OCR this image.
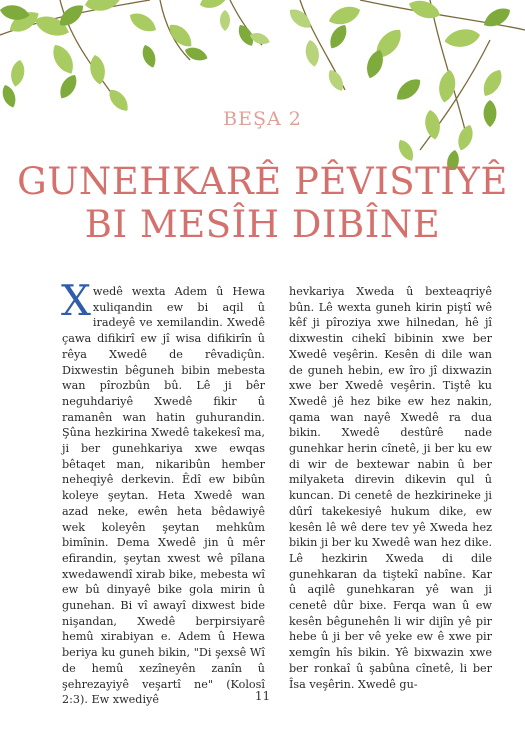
BEŞA 2
GUNEHKARÊ PÊVISTIYÊ
BI MESÎH DIBÎNE
Xwedê wexta Adem û Hewa xuliqandin ew bi aqil û iradeyê ve xemilandin. Xwedê çawa difikirî ew jî wisa difikirîn û rêya Xwedê de rêvadiçûn. Dixwestin bêguneh bibin mebesta wan pîrozbûn bû. Lê ji bêr neguhdariyê Xwedê fikir û ramanên wan hatin guhurandin. Şûna hezkirina Xwedê takekesî ma, ji ber gunehkariya xwe ewqas bêtaqet man, nikaribûn hember neheqiyê derkevin. Êdî ew bibûn koleye şeytan. Heta Xwedê wan azad neke, ewên heta bêdawiyê wek koleyên şeytan mehkûm bimînin. Dema Xwedê jin û mêr efirandin, şeytan xwest wê pîlana xwedawendî xirab bike, mebesta wî ew bû dinyayê bike gola mirin û gunehan. Bi vî awayî dixwest bide nişandan, Xwedê berpirsiyarê hemû xirabiyan e. Adem û Hewa beriya ku guneh bikin, "Di şexsê Wî de hemû xezîneyên zanîn û şehrezayiyê veşartî ne" (Kolosî 2:3). Ew xwediyê
hevkariya Xweda û bexteaqriyê bûn. Lê wexta guneh kirin piştî wê kêf ji pîroziya xwe hilnedan, hê jî dixwestin cihekî bibinin xwe ber Xwedê veşêrin. Kesên di dile wan de guneh hebin, ew îro jî dixwazin xwe ber Xwedê veşêrin. Tiştê ku Xwedê jê hez bike ew hez nakin, qama wan nayê Xwedê ra dua bikin. Xwedê destûrê nade gunehkar herin cînetê, ji ber ku ew di wir de bextewar nabin û ber milyaketa direvin dikevin qul û kuncan. Di cenetê de hezkirineke ji dûrî takekesiyê hukum dike, ew kesên lê wê dere tev yê Xweda hez bikin ji ber ku Xwedê wan hez dike. Lê hezkirin Xweda di dile gunehkaran da tiştekî nabîne. Kar û aqilê gunehkaran yê wan ji cenetê dûr bixe. Ferqa wan û ew kesên bêgunehên li wir dijîn yê pir hebe û ji ber vê yeke ew ê xwe pir xemgîn hîs bikin. Yê bixwazin xwe ber ronkaî û şabûna cînetê, li ber Îsa veşêrin. Xwedê gu-
11
